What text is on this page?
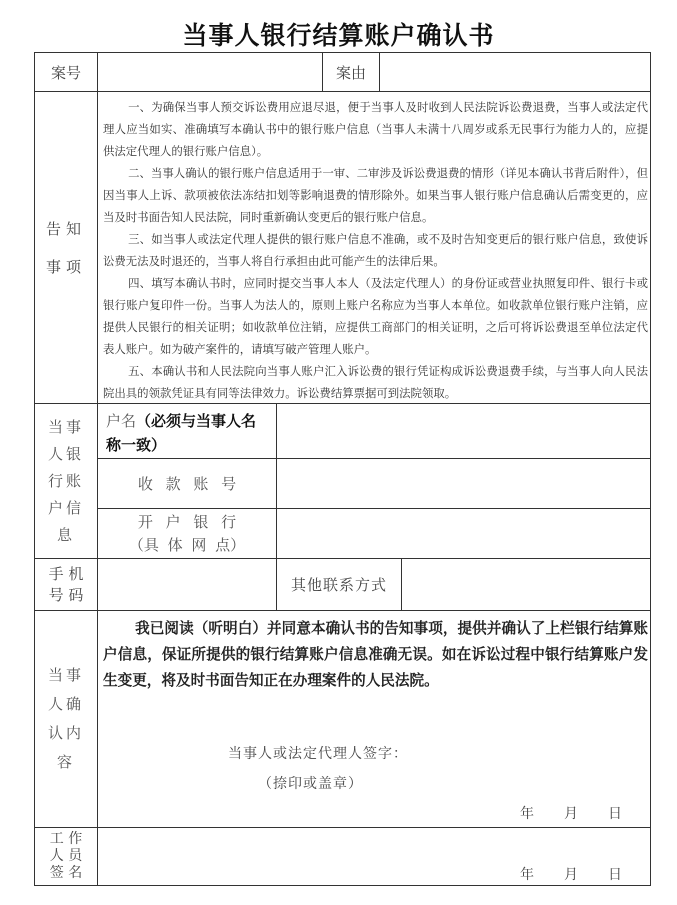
当事人银行结算账户确认书
案号	案由
告知
事项

一、为确保当事人预交诉讼费用应退尽退，便于当事人及时收到人民法院诉讼费退费，当事人或法定代理人应当如实、准确填写本确认书中的银行账户信息（当事人未满十八周岁或系无民事行为能力人的，应提供法定代理人的银行账户信息）。

二、当事人确认的银行账户信息适用于一审、二审涉及诉讼费退费的情形（详见本确认书背后附件），但因当事人上诉、款项被依法冻结扣划等影响退费的情形除外。如果当事人银行账户信息确认后需变更的，应当及时书面告知人民法院，同时重新确认变更后的银行账户信息。

三、如当事人或法定代理人提供的银行账户信息不准确，或不及时告知变更后的银行账户信息，致使诉讼费无法及时退还的，当事人将自行承担由此可能产生的法律后果。

四、填写本确认书时，应同时提交当事人本人（及法定代理人）的身份证或营业执照复印件、银行卡或银行账户复印件一份。当事人为法人的，原则上账户名称应为当事人本单位。如收款单位银行账户注销，应提供人民银行的相关证明；如收款单位注销，应提供工商部门的相关证明，之后可将诉讼费退至单位法定代表人账户。如为破产案件的，请填写破产管理人账户。

五、本确认书和人民法院向当事人账户汇入诉讼费的银行凭证构成诉讼费退费手续，与当事人向人民法院出具的领款凭证具有同等法律效力。诉讼费结算票据可到法院领取。

当事
人银
行账
户信
息
户名（必须与当事人名称一致）
收 款 账 号
开 户 银 行
（具 体 网 点）
手 机
号 码
其他联系方式
当事
人确
认内
容

我已阅读（听明白）并同意本确认书的告知事项，提供并确认了上栏银行结算账户信息，保证所提供的银行结算账户信息准确无误。如在诉讼过程中银行结算账户发生变更，将及时书面告知正在办理案件的人民法院。

当事人或法定代理人签字：
（捺印或盖章）
年 月 日
工 作
人 员
签 名	年 月 日
